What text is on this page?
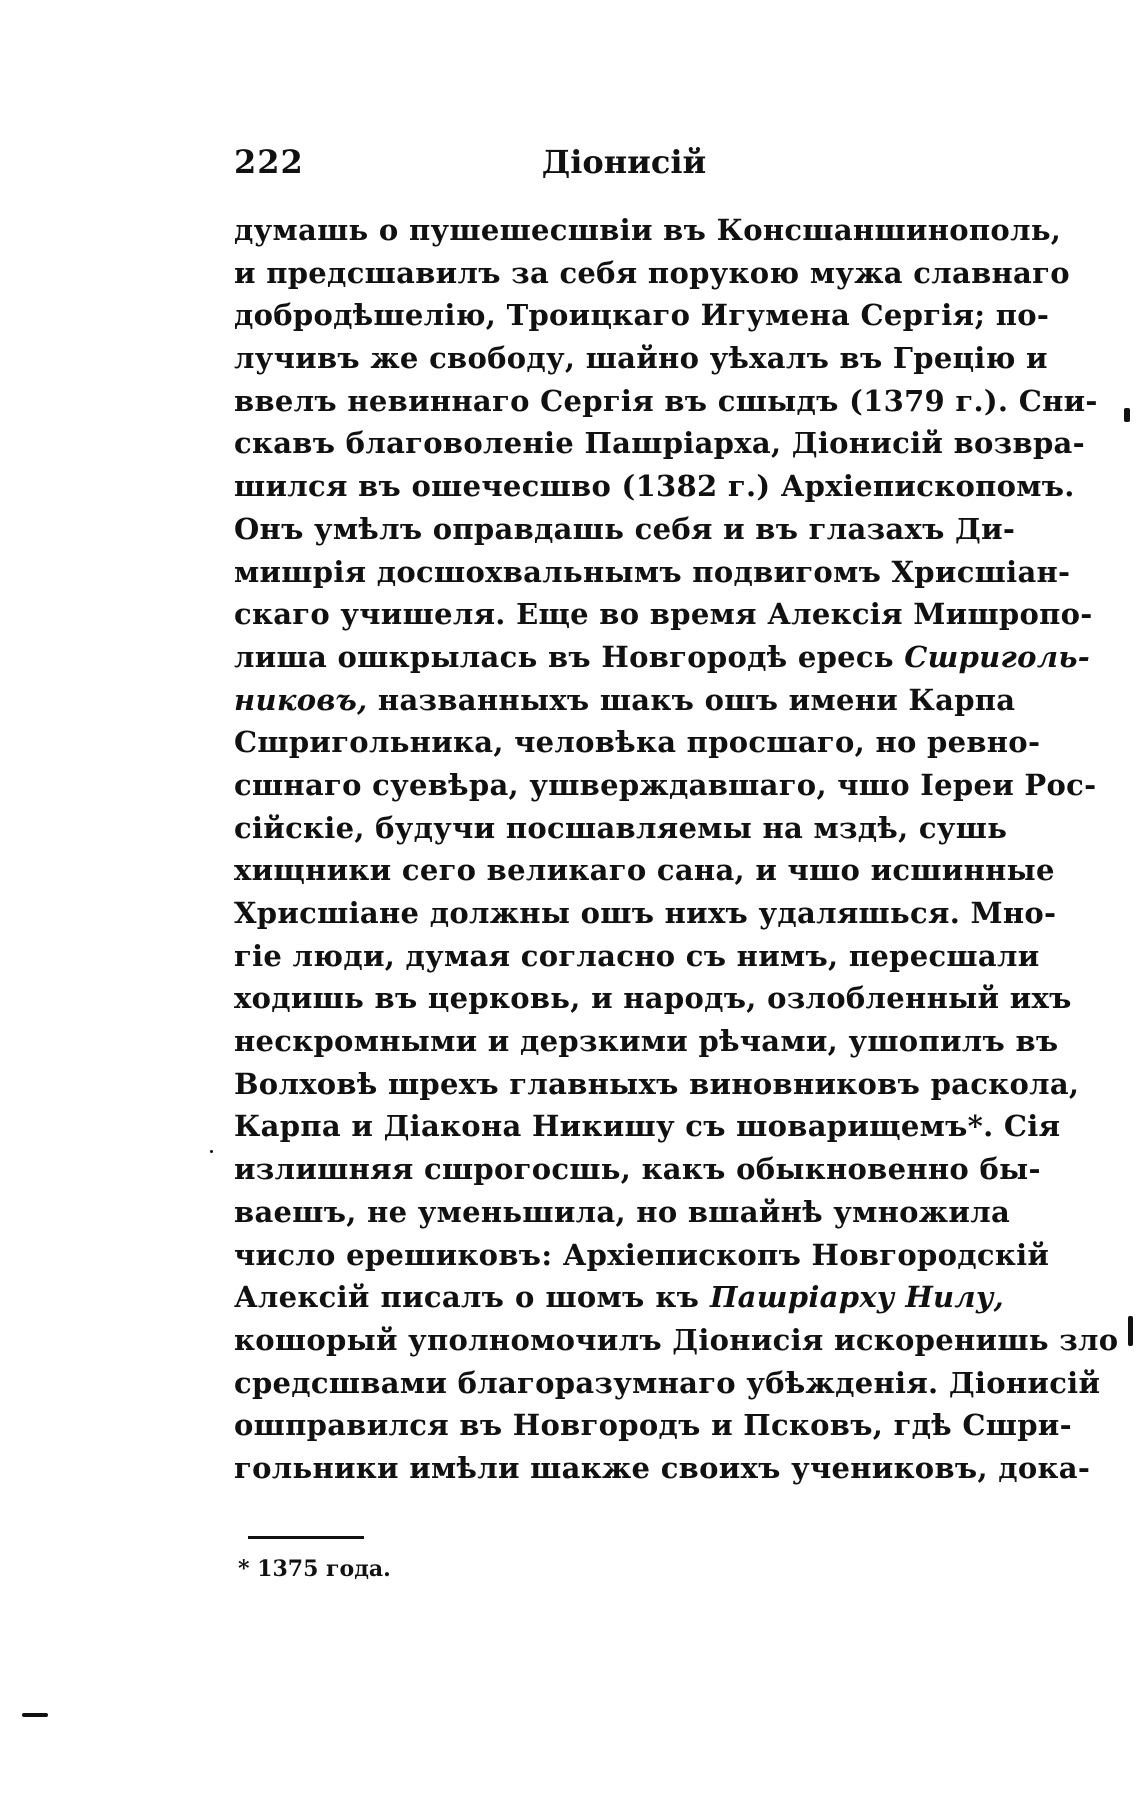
222	Діонисій
думашь о пушешесшвіи въ Консшаншинополь,
и предсшавилъ за себя порукою мужа славнаго
добродѣшелію, Троицкаго Игумена Сергія; по-
лучивъ же свободу, шайно уѣхалъ въ Грецію и
ввелъ невиннаго Сергія въ сшыдъ (1379 г.). Сни-
скавъ благоволеніе Пашріарха, Діонисій возвра-
шился въ ошечесшво (1382 г.) Архіепископомъ.
Онъ умѣлъ оправдашь себя и въ глазахъ Ди-
мишрія досшохвальнымъ подвигомъ Хрисшіан-
скаго учишеля. Еще во время Алексія Мишропо-
лиша ошкрылась въ Новгородѣ ересь Сшриголь-
никовъ, названныхъ шакъ ошъ имени Карпа
Сшригольника, человѣка просшаго, но ревно-
сшнаго суевѣра, ушверждавшаго, чшо Іереи Рос-
сійскіе, будучи посшавляемы на мздѣ, сушь
хищники сего великаго сана, и чшо исшинные
Хрисшіане должны ошъ нихъ удаляшься. Мно-
гіе люди, думая согласно съ нимъ, пересшали
ходишь въ церковь, и народъ, озлобленный ихъ
нескромными и дерзкими рѣчами, ушопилъ въ
Волховѣ шрехъ главныхъ виновниковъ раскола,
Карпа и Діакона Никишу съ шоварищемъ*. Сія
излишняя сшрогосшь, какъ обыкновенно бы-
ваешъ, не уменьшила, но вшайнѣ умножила
число ерешиковъ: Архіепископъ Новгородскій
Алексій писалъ о шомъ къ Пашріарху Нилу,
кошорый уполномочилъ Діонисія искоренишь зло
средсшвами благоразумнаго убѣжденія. Діонисій
ошправился въ Новгородъ и Псковъ, гдѣ Сшри-
гольники имѣли шакже своихъ учениковъ, дока-
* 1375 года.
